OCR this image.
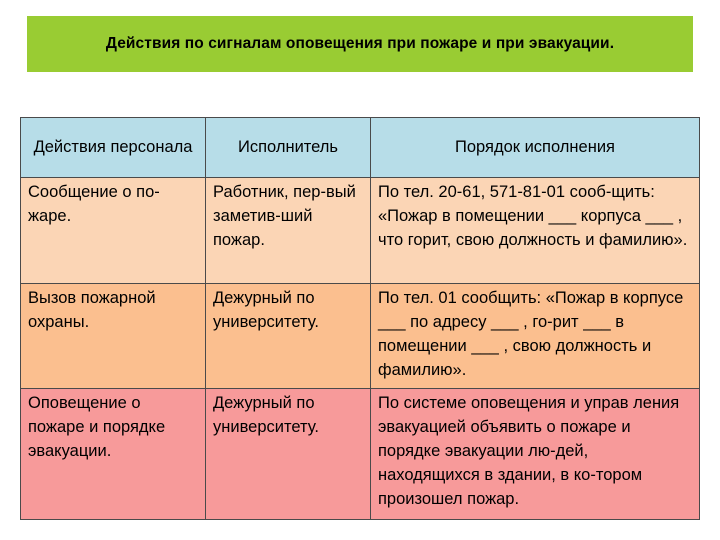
Действия по сигналам оповещения при пожаре и при эвакуации.
Действия персонала	Исполнитель	Порядок исполнения
Сообщение о по-жаре.	Работник, пер-вый заметив-ший пожар.	По тел. 20-61, 571-81-01 сооб-щить: «Пожар в помещении ___ корпуса ___ , что горит, свою должность и фамилию».
Вызов пожарной охраны.	Дежурный по университету.	По тел. 01 сообщить: «Пожар в корпусе ___ по адресу ___ , го-рит ___ в помещении ___ , свою должность и фамилию».
Оповещение о пожаре и порядке эвакуации.	Дежурный по университету.	По системе оповещения и управ ления эвакуацией объявить о пожаре и порядке эвакуации лю-дей, находящихся в здании, в ко-тором произошел пожар.
